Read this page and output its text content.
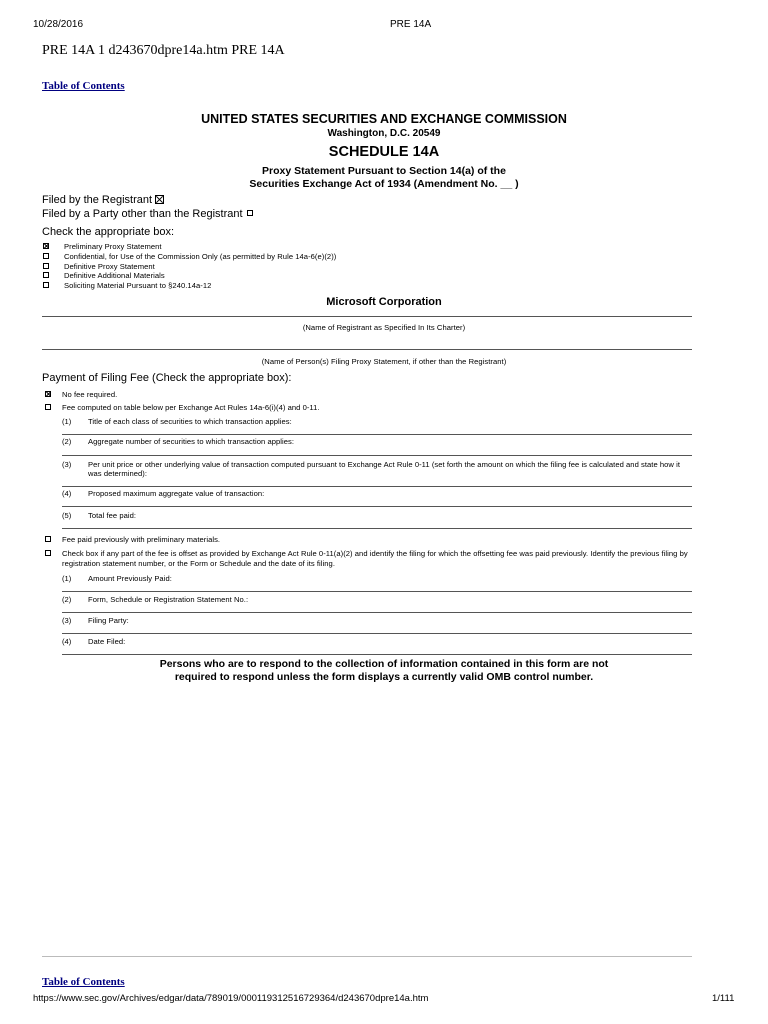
10/28/2016	PRE 14A
PRE 14A 1 d243670dpre14a.htm PRE 14A
Table of Contents
UNITED STATES SECURITIES AND EXCHANGE COMMISSION
Washington, D.C. 20549
SCHEDULE 14A
Proxy Statement Pursuant to Section 14(a) of the
Securities Exchange Act of 1934 (Amendment No. __ )
Filed by the Registrant
Filed by a Party other than the Registrant
Check the appropriate box:
Preliminary Proxy Statement
Confidential, for Use of the Commission Only (as permitted by Rule 14a-6(e)(2))
Definitive Proxy Statement
Definitive Additional Materials
Soliciting Material Pursuant to §240.14a-12
Microsoft Corporation
(Name of Registrant as Specified In Its Charter)
(Name of Person(s) Filing Proxy Statement, if other than the Registrant)
Payment of Filing Fee (Check the appropriate box):
No fee required.
Fee computed on table below per Exchange Act Rules 14a-6(i)(4) and 0-11.
(1) Title of each class of securities to which transaction applies:
(2) Aggregate number of securities to which transaction applies:
(3) Per unit price or other underlying value of transaction computed pursuant to Exchange Act Rule 0-11 (set forth the amount on which the filing fee is calculated and state how it was determined):
(4) Proposed maximum aggregate value of transaction:
(5) Total fee paid:
Fee paid previously with preliminary materials.
Check box if any part of the fee is offset as provided by Exchange Act Rule 0-11(a)(2) and identify the filing for which the offsetting fee was paid previously. Identify the previous filing by registration statement number, or the Form or Schedule and the date of its filing.
(1) Amount Previously Paid:
(2) Form, Schedule or Registration Statement No.:
(3) Filing Party:
(4) Date Filed:
Persons who are to respond to the collection of information contained in this form are not
required to respond unless the form displays a currently valid OMB control number.
Table of Contents
https://www.sec.gov/Archives/edgar/data/789019/000119312516729364/d243670dpre14a.htm	1/111
